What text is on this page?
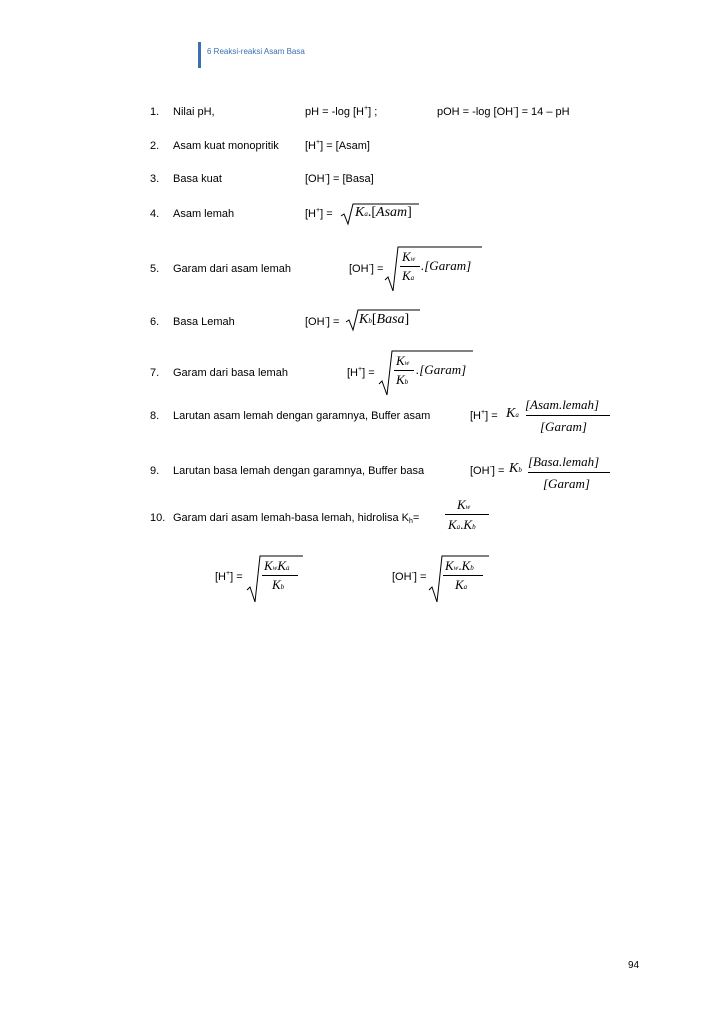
6 Reaksi-reaksi Asam Basa
1. Nilai pH,	pH = -log [H+] ;	pOH = -log [OH-] = 14 – pH
2. Asam kuat monopritik [H+] = [Asam]
3. Basa kuat	[OH-] = [Basa]
4. Asam lemah	[H+] = Ka.[Asam]
5. Garam dari asam lemah	[OH-] =
Kw
Ka
.[Garam]
6. Basa Lemah	[OH-] = Kb[Basa]
7. Garam dari basa lemah	[H+] =
Kw
Kb
.[Garam]
8. Larutan asam lemah dengan garamnya, Buffer asam	[H+] = Ka
[Asam.lemah]
[Garam]
9. Larutan basa lemah dengan garamnya, Buffer basa	[OH-] = Kb
[Basa.lemah]
[Garam]
10. Garam dari asam lemah-basa lemah, hidrolisa $K_h=$
Kw
Ka.Kb
[H+] =
KwKa
Kb
[OH-] =
Kw.Kb
Ka
94
